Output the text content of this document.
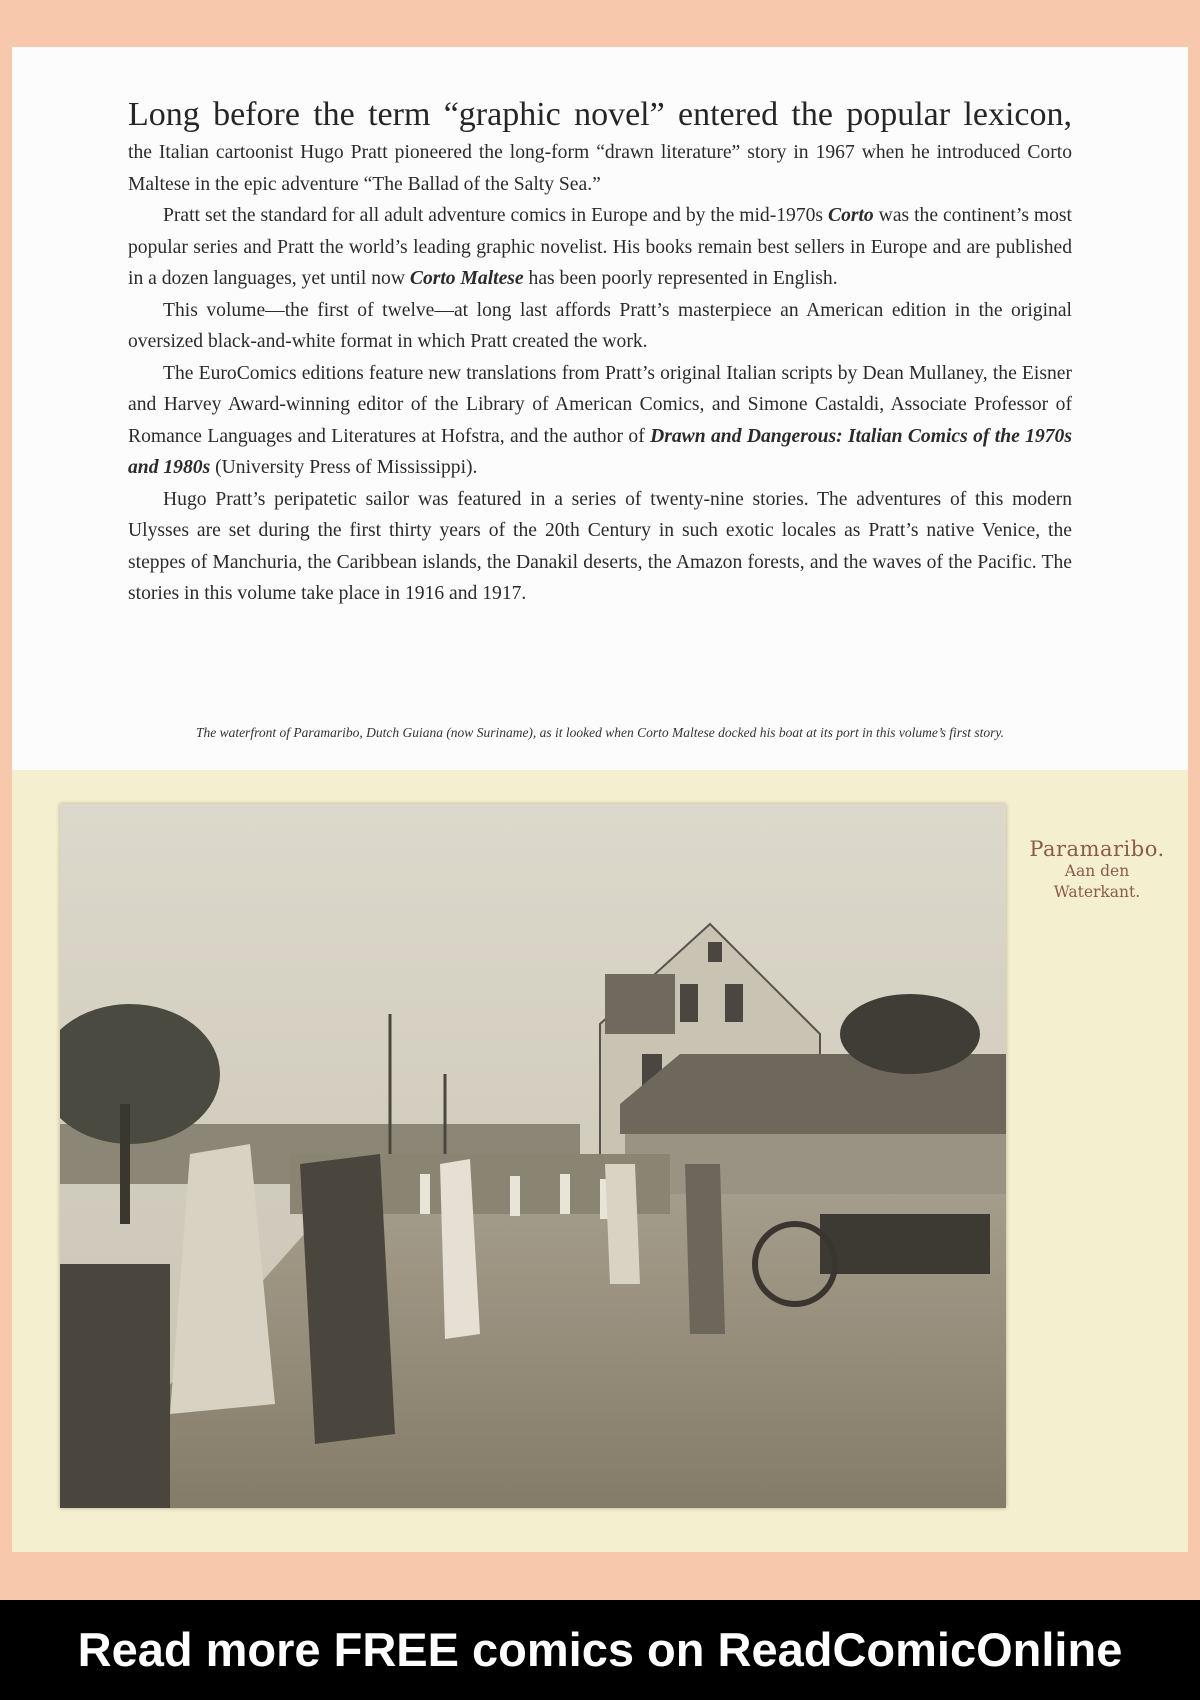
Long before the term “graphic novel” entered the popular lexicon,
the Italian cartoonist Hugo Pratt pioneered the long-form “drawn literature” story in 1967 when he introduced Corto Maltese in the epic adventure “The Ballad of the Salty Sea.”

Pratt set the standard for all adult adventure comics in Europe and by the mid-1970s Corto was the continent’s most popular series and Pratt the world’s leading graphic novelist. His books remain best sellers in Europe and are published in a dozen languages, yet until now Corto Maltese has been poorly represented in English.

This volume—the first of twelve—at long last affords Pratt’s masterpiece an American edition in the original oversized black-and-white format in which Pratt created the work.

The EuroComics editions feature new translations from Pratt’s original Italian scripts by Dean Mullaney, the Eisner and Harvey Award-winning editor of the Library of American Comics, and Simone Castaldi, Associate Professor of Romance Languages and Literatures at Hofstra, and the author of Drawn and Dangerous: Italian Comics of the 1970s and 1980s (University Press of Mississippi).

Hugo Pratt’s peripatetic sailor was featured in a series of twenty-nine stories. The adventures of this modern Ulysses are set during the first thirty years of the 20th Century in such exotic locales as Pratt’s native Venice, the steppes of Manchuria, the Caribbean islands, the Danakil deserts, the Amazon forests, and the waves of the Pacific. The stories in this volume take place in 1916 and 1917.

The waterfront of Paramaribo, Dutch Guiana (now Suriname), as it looked when Corto Maltese docked his boat at its port in this volume’s first story.
Paramaribo.
Aan den
Waterkant.
Read more FREE comics on ReadComicOnline
